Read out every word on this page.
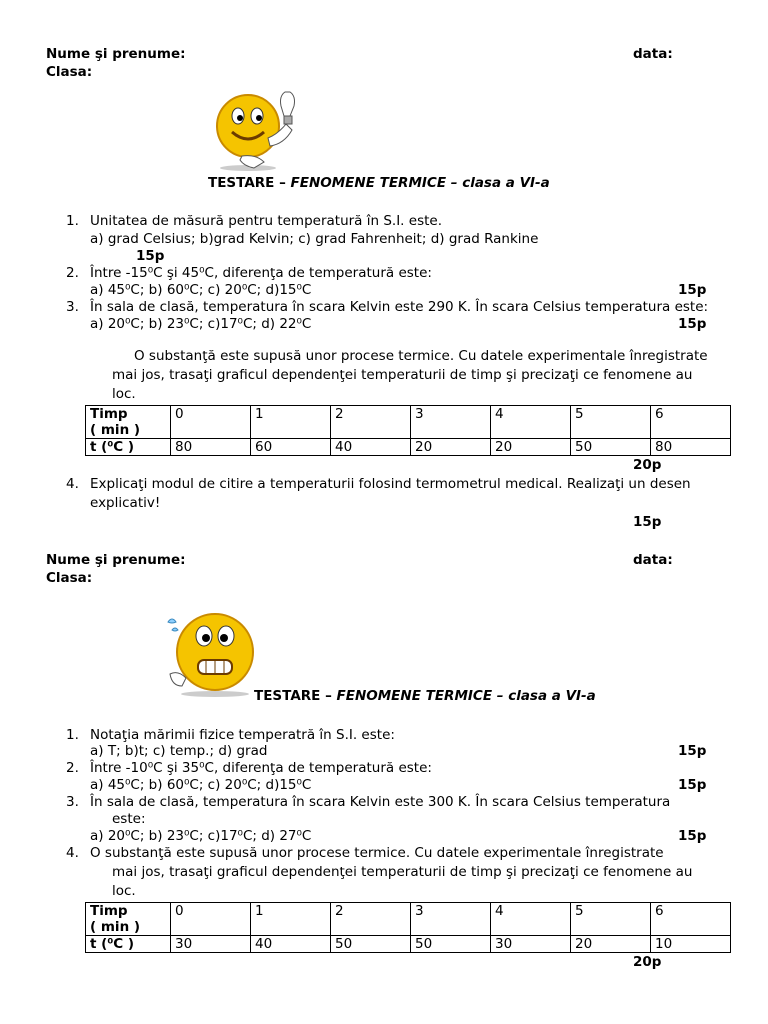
Nume şi prenume:	data:
Clasa:
TESTARE – FENOMENE TERMICE – clasa a VI-a
1. Unitatea de măsură pentru temperatură în S.I. este.
a) grad Celsius; b)grad Kelvin; c) grad Fahrenheit; d) grad Rankine
15p
2. Între -15⁰C şi 45⁰C, diferenţa de temperatură este:
a) 45⁰C; b) 60⁰C; c) 20⁰C; d)15⁰C	15p
3. În sala de clasă, temperatura în scara Kelvin este 290 K. În scara Celsius temperatura este:
a) 20⁰C; b) 23⁰C; c)17⁰C; d) 22⁰C	15p
O substanţă este supusă unor procese termice. Cu datele experimentale înregistrate
mai jos, trasaţi graficul dependenţei temperaturii de timp şi precizaţi ce fenomene au
loc.
Timp
( min )	0	1	2	3	4	5	6
t (⁰C )	80	60	40	20	20	50	80
20p
4. Explicaţi modul de citire a temperaturii folosind termometrul medical. Realizaţi un desen
explicativ!
15p
Nume şi prenume:	data:
Clasa:
TESTARE – FENOMENE TERMICE – clasa a VI-a
1. Notaţia mărimii fizice temperatră în S.I. este:
a) T; b)t; c) temp.; d) grad	15p
2. Între -10⁰C şi 35⁰C, diferenţa de temperatură este:
a) 45⁰C; b) 60⁰C; c) 20⁰C; d)15⁰C	15p
3. În sala de clasă, temperatura în scara Kelvin este 300 K. În scara Celsius temperatura
este:
a) 20⁰C; b) 23⁰C; c)17⁰C; d) 27⁰C	15p
4. O substanţă este supusă unor procese termice. Cu datele experimentale înregistrate
mai jos, trasaţi graficul dependenţei temperaturii de timp şi precizaţi ce fenomene au
loc.
Timp
( min )	0	1	2	3	4	5	6
t (⁰C )	30	40	50	50	30	20	10
20p
